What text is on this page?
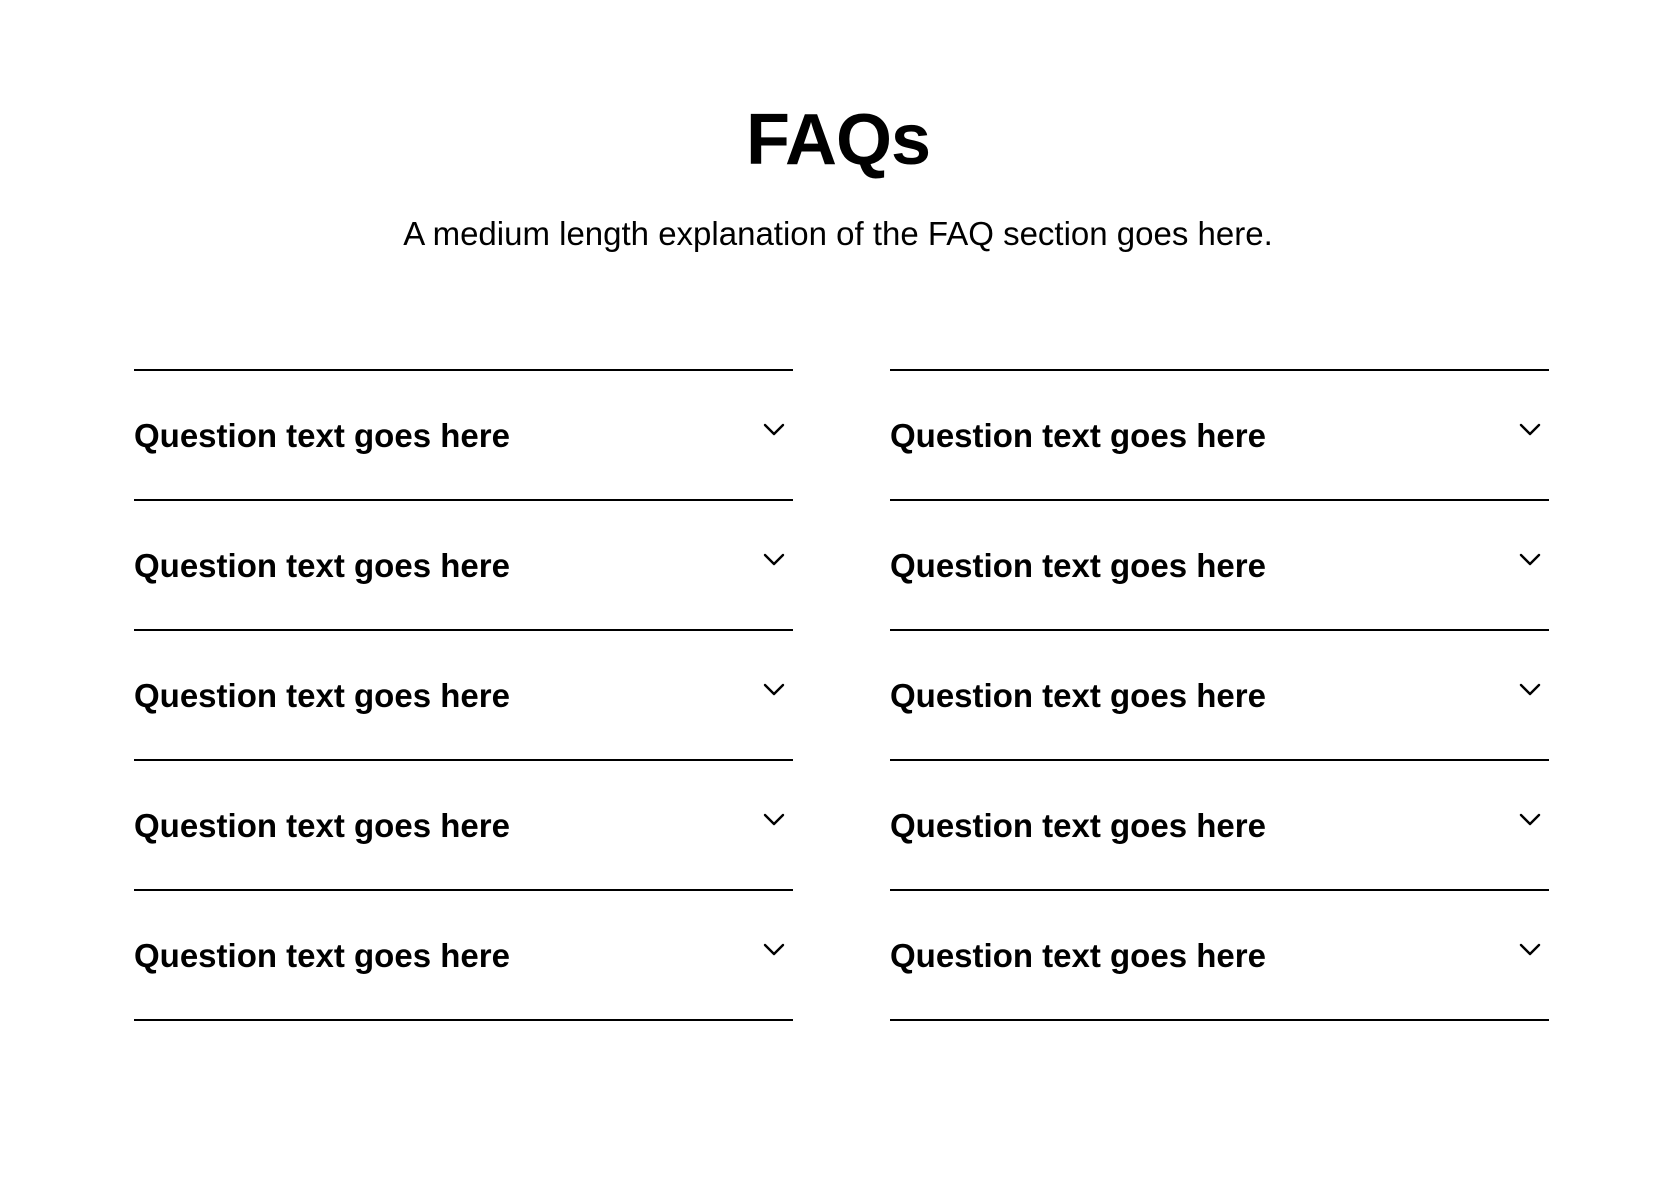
FAQs

A medium length explanation of the FAQ section goes here.

Question text goes here
Question text goes here
Question text goes here
Question text goes here
Question text goes here
Question text goes here
Question text goes here
Question text goes here
Question text goes here
Question text goes here
